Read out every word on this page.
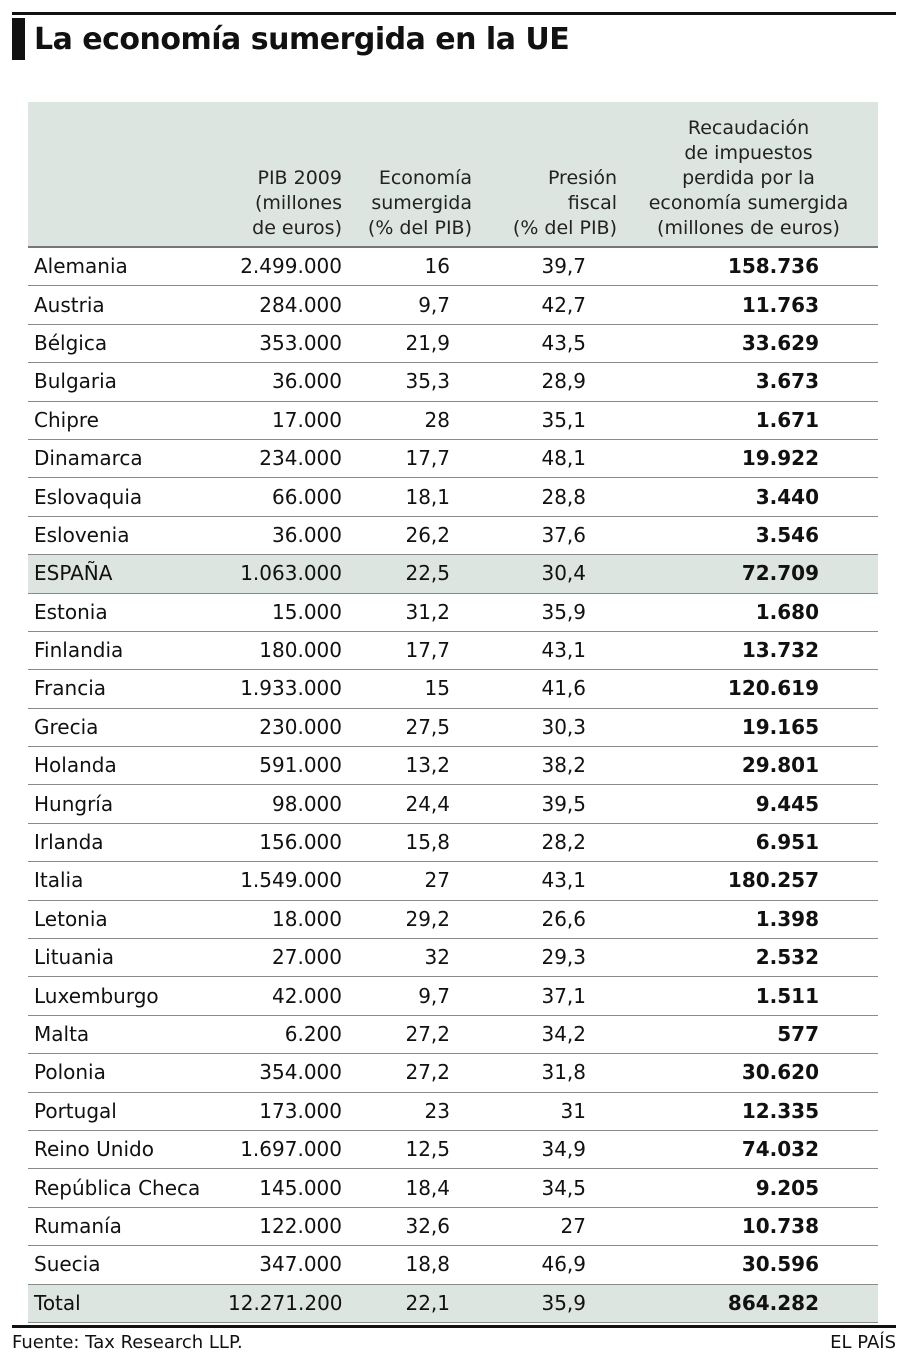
La economía sumergida en la UE
	PIB 2009
(millones
de euros)	Economía
sumergida
(% del PIB)	Presión
fiscal
(% del PIB)	Recaudación
de impuestos
perdida por la
economía sumergida
(millones de euros)
Alemania	2.499.000	16	39,7	158.736
Austria	284.000	9,7	42,7	11.763
Bélgica	353.000	21,9	43,5	33.629
Bulgaria	36.000	35,3	28,9	3.673
Chipre	17.000	28	35,1	1.671
Dinamarca	234.000	17,7	48,1	19.922
Eslovaquia	66.000	18,1	28,8	3.440
Eslovenia	36.000	26,2	37,6	3.546
ESPAÑA	1.063.000	22,5	30,4	72.709
Estonia	15.000	31,2	35,9	1.680
Finlandia	180.000	17,7	43,1	13.732
Francia	1.933.000	15	41,6	120.619
Grecia	230.000	27,5	30,3	19.165
Holanda	591.000	13,2	38,2	29.801
Hungría	98.000	24,4	39,5	9.445
Irlanda	156.000	15,8	28,2	6.951
Italia	1.549.000	27	43,1	180.257
Letonia	18.000	29,2	26,6	1.398
Lituania	27.000	32	29,3	2.532
Luxemburgo	42.000	9,7	37,1	1.511
Malta	6.200	27,2	34,2	577
Polonia	354.000	27,2	31,8	30.620
Portugal	173.000	23	31	12.335
Reino Unido	1.697.000	12,5	34,9	74.032
República Checa	145.000	18,4	34,5	9.205
Rumanía	122.000	32,6	27	10.738
Suecia	347.000	18,8	46,9	30.596
Total	12.271.200	22,1	35,9	864.282
Fuente: Tax Research LLP.	EL PAÍS
